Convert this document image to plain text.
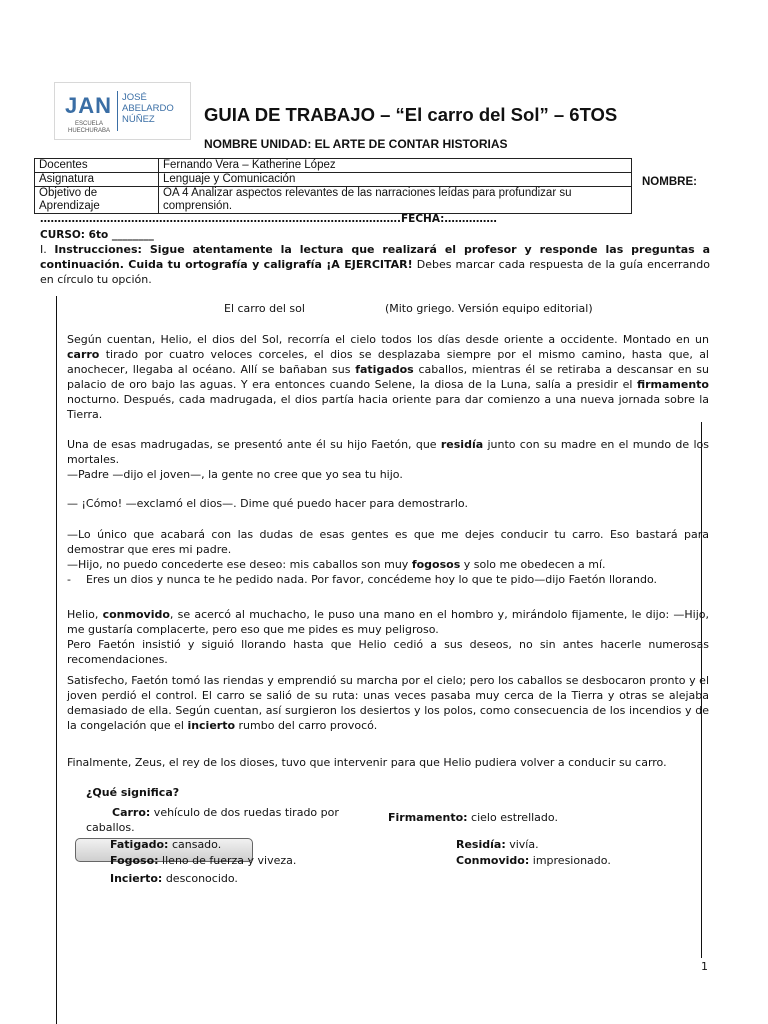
JAN
ESCUELA HUECHURABA
JOSÉ
ABELARDO
NÚÑEZ	GUIA DE TRABAJO – “El carro del Sol” – 6TOS
NOMBRE UNIDAD: EL ARTE DE CONTAR HISTORIAS
Docentes	Fernando Vera – Katherine López
Asignatura	Lenguaje y Comunicación
Objetivo de Aprendizaje	OA 4 Analizar aspectos relevantes de las narraciones leídas para profundizar su comprensión.
NOMBRE:
………………………………………………………………………………………….FECHA:……………
CURSO: 6to ________
I. Instrucciones: Sigue atentamente la lectura que realizará el profesor y responde las preguntas a continuación. Cuida tu ortografía y caligrafía ¡A EJERCITAR! Debes marcar cada respuesta de la guía encerrando en círculo tu opción.
El carro del sol	(Mito griego. Versión equipo editorial)
Según cuentan, Helio, el dios del Sol, recorría el cielo todos los días desde oriente a occidente. Montado en un carro tirado por cuatro veloces corceles, el dios se desplazaba siempre por el mismo camino, hasta que, al anochecer, llegaba al océano. Allí se bañaban sus fatigados caballos, mientras él se retiraba a descansar en su palacio de oro bajo las aguas. Y era entonces cuando Selene, la diosa de la Luna, salía a presidir el firmamento nocturno. Después, cada madrugada, el dios partía hacia oriente para dar comienzo a una nueva jornada sobre la Tierra.

Una de esas madrugadas, se presentó ante él su hijo Faetón, que residía junto con su madre en el mundo de los mortales.

—Padre —dijo el joven—, la gente no cree que yo sea tu hijo.

— ¡Cómo! —exclamó el dios—. Dime qué puedo hacer para demostrarlo.

—Lo único que acabará con las dudas de esas gentes es que me dejes conducir tu carro. Eso bastará para demostrar que eres mi padre.

—Hijo, no puedo concederte ese deseo: mis caballos son muy fogosos y solo me obedecen a mí.

- Eres un dios y nunca te he pedido nada. Por favor, concédeme hoy lo que te pido—dijo Faetón llorando.

Helio, conmovido, se acercó al muchacho, le puso una mano en el hombro y, mirándolo fijamente, le dijo: —Hijo, me gustaría complacerte, pero eso que me pides es muy peligroso.

Pero Faetón insistió y siguió llorando hasta que Helio cedió a sus deseos, no sin antes hacerle numerosas recomendaciones.

Satisfecho, Faetón tomó las riendas y emprendió su marcha por el cielo; pero los caballos se desbocaron pronto y el joven perdió el control. El carro se salió de su ruta: unas veces pasaba muy cerca de la Tierra y otras se alejaba demasiado de ella. Según cuentan, así surgieron los desiertos y los polos, como consecuencia de los incendios y de la congelación que el incierto rumbo del carro provocó.
Finalmente, Zeus, el rey de los dioses, tuvo que intervenir para que Helio pudiera volver a conducir su carro.
¿Qué significa?
Carro: vehículo de dos ruedas tirado por
caballos.
Firmamento: cielo estrellado.
Fatigado: cansado.
Fogoso: lleno de fuerza y viveza.
Incierto: desconocido.
Residía: vivía.
Conmovido: impresionado.
1
